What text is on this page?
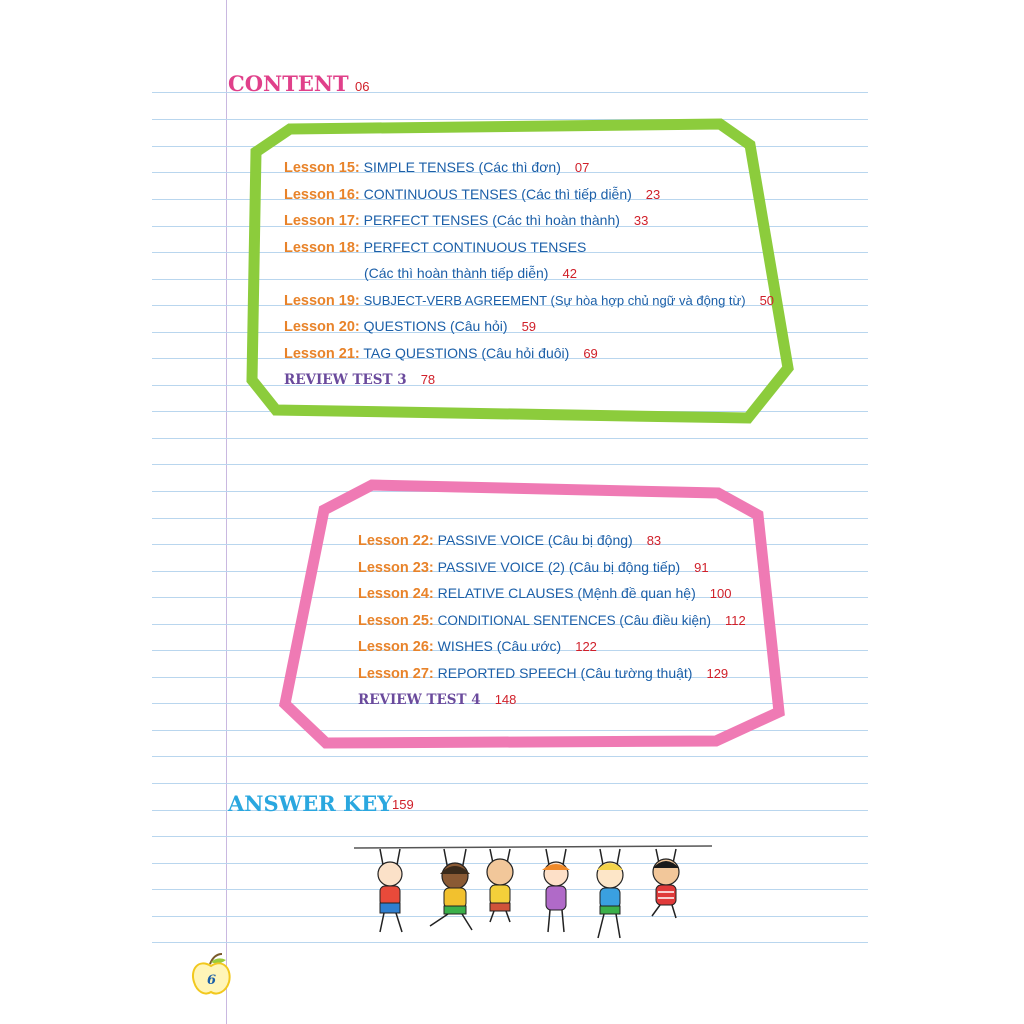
CONTENT 06
Lesson 15: SIMPLE TENSES (Các thì đơn) 07
Lesson 16: CONTINUOUS TENSES (Các thì tiếp diễn) 23
Lesson 17: PERFECT TENSES (Các thì hoàn thành) 33
Lesson 18: PERFECT CONTINUOUS TENSES
(Các thì hoàn thành tiếp diễn) 42
Lesson 19: SUBJECT-VERB AGREEMENT (Sự hòa hợp chủ ngữ và động từ) 50
Lesson 20: QUESTIONS (Câu hỏi) 59
Lesson 21: TAG QUESTIONS (Câu hỏi đuôi) 69
REVIEW TEST 3 78
Lesson 22: PASSIVE VOICE (Câu bị động) 83
Lesson 23: PASSIVE VOICE (2) (Câu bị động tiếp) 91
Lesson 24: RELATIVE CLAUSES (Mệnh đề quan hệ) 100
Lesson 25: CONDITIONAL SENTENCES (Câu điều kiện) 112
Lesson 26: WISHES (Câu ước) 122
Lesson 27: REPORTED SPEECH (Câu tường thuật) 129
REVIEW TEST 4 148
ANSWER KEY 159
6
